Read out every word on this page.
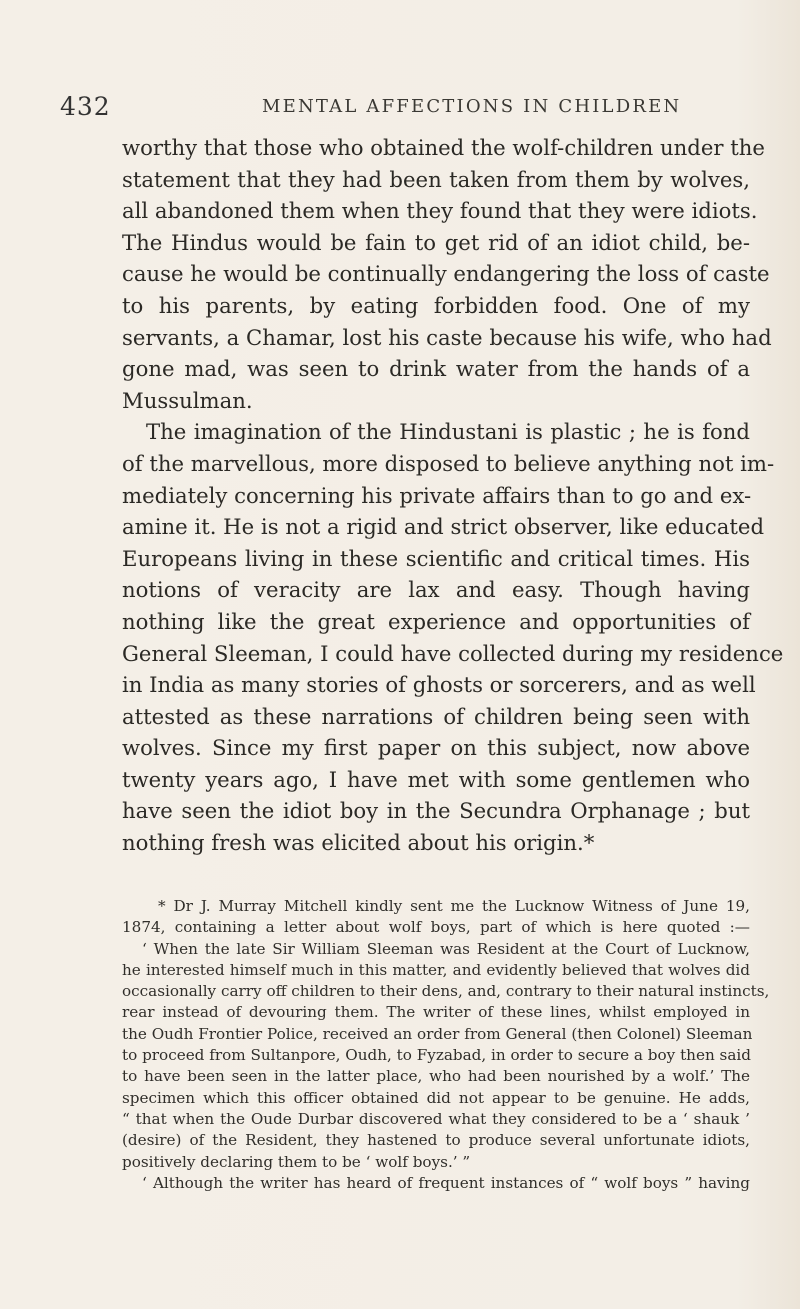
432	MENTAL AFFECTIONS IN CHILDREN
worthy that those who obtained the wolf-children under the
statement that they had been taken from them by wolves,
all abandoned them when they found that they were idiots.
The Hindus would be fain to get rid of an idiot child, be-
cause he would be continually endangering the loss of caste
to his parents, by eating forbidden food. One of my
servants, a Chamar, lost his caste because his wife, who had
gone mad, was seen to drink water from the hands of a
Mussulman.
The imagination of the Hindustani is plastic ; he is fond
of the marvellous, more disposed to believe anything not im-
mediately concerning his private affairs than to go and ex-
amine it. He is not a rigid and strict observer, like educated
Europeans living in these scientific and critical times. His
notions of veracity are lax and easy. Though having
nothing like the great experience and opportunities of
General Sleeman, I could have collected during my residence
in India as many stories of ghosts or sorcerers, and as well
attested as these narrations of children being seen with
wolves. Since my first paper on this subject, now above
twenty years ago, I have met with some gentlemen who
have seen the idiot boy in the Secundra Orphanage ; but
nothing fresh was elicited about his origin.*
* Dr J. Murray Mitchell kindly sent me the Lucknow Witness of June 19,
1874, containing a letter about wolf boys, part of which is here quoted :—
‘ When the late Sir William Sleeman was Resident at the Court of Lucknow,
he interested himself much in this matter, and evidently believed that wolves did
occasionally carry off children to their dens, and, contrary to their natural instincts,
rear instead of devouring them. The writer of these lines, whilst employed in
the Oudh Frontier Police, received an order from General (then Colonel) Sleeman
to proceed from Sultanpore, Oudh, to Fyzabad, in order to secure a boy then said
to have been seen in the latter place, who had been nourished by a wolf.’ The
specimen which this officer obtained did not appear to be genuine. He adds,
“ that when the Oude Durbar discovered what they considered to be a ‘ shauk ’
(desire) of the Resident, they hastened to produce several unfortunate idiots,
positively declaring them to be ‘ wolf boys.’ ”
‘ Although the writer has heard of frequent instances of “ wolf boys ” having
